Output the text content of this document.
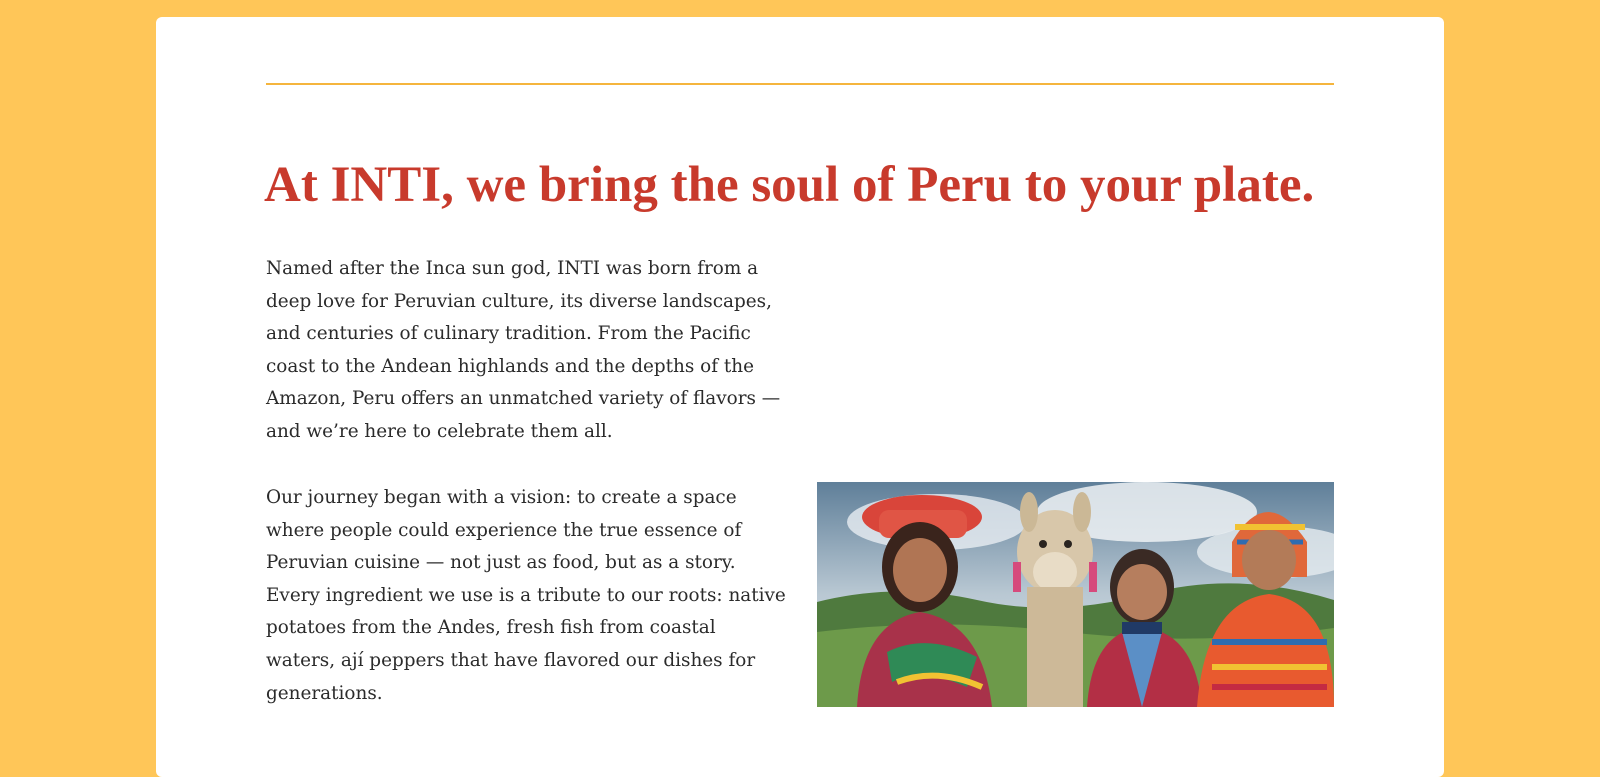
At INTI, we bring the soul of Peru to your plate.

Named after the Inca sun god, INTI was born from a deep love for Peruvian culture, its diverse landscapes, and centuries of culinary tradition. From the Pacific coast to the Andean highlands and the depths of the Amazon, Peru offers an unmatched variety of flavors — and we’re here to celebrate them all.

Our journey began with a vision: to create a space where people could experience the true essence of Peruvian cuisine — not just as food, but as a story. Every ingredient we use is a tribute to our roots: native potatoes from the Andes, fresh fish from coastal waters, ají peppers that have flavored our dishes for generations.
